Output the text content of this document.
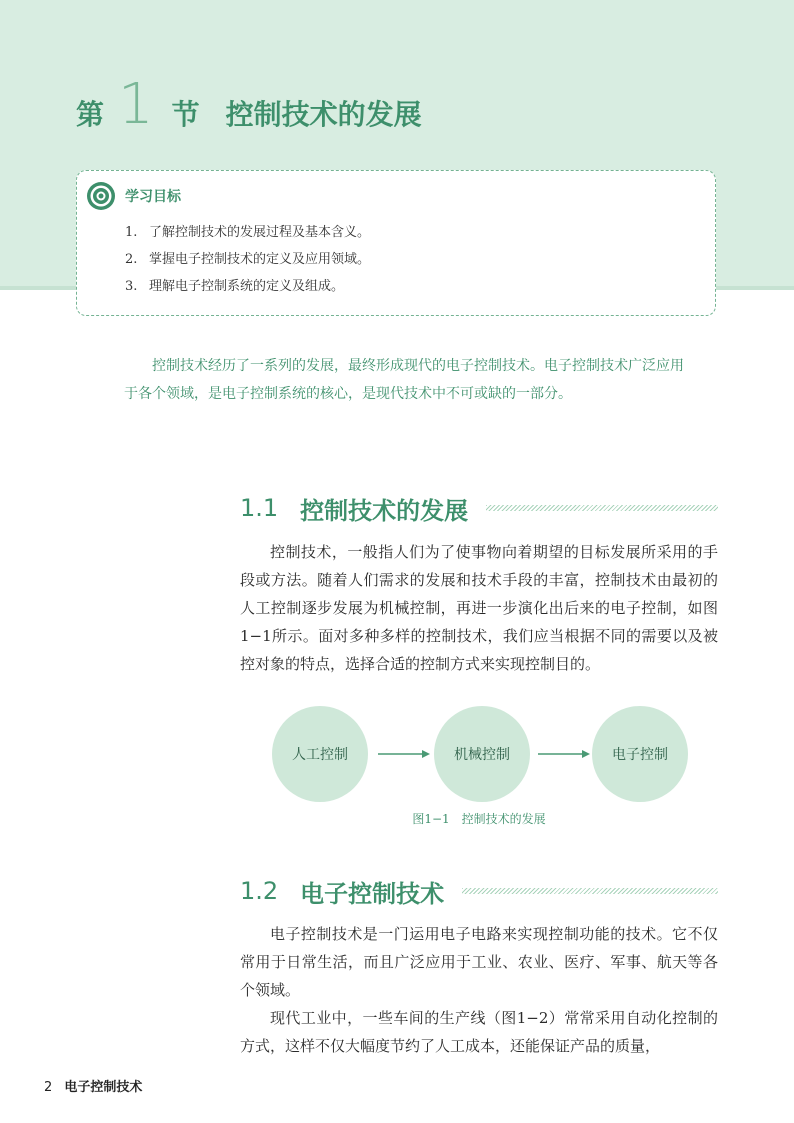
第 1 节 控制技术的发展
学习目标
1. 了解控制技术的发展过程及基本含义。
2. 掌握电子控制技术的定义及应用领域。
3. 理解电子控制系统的定义及组成。

控制技术经历了一系列的发展，最终形成现代的电子控制技术。电子控制技术广泛应用于各个领域，是电子控制系统的核心，是现代技术中不可或缺的一部分。

1.1 控制技术的发展

控制技术，一般指人们为了使事物向着期望的目标发展所采用的手段或方法。随着人们需求的发展和技术手段的丰富，控制技术由最初的人工控制逐步发展为机械控制，再进一步演化出后来的电子控制，如图1−1所示。面对多种多样的控制技术，我们应当根据不同的需要以及被控对象的特点，选择合适的控制方式来实现控制目的。

人工控制	机械控制	电子控制
图1−1　控制技术的发展
1.2 电子控制技术

电子控制技术是一门运用电子电路来实现控制功能的技术。它不仅常用于日常生活，而且广泛应用于工业、农业、医疗、军事、航天等各个领域。

现代工业中，一些车间的生产线（图1−2）常常采用自动化控制的方式，这样不仅大幅度节约了人工成本，还能保证产品的质量，

2 电子控制技术
